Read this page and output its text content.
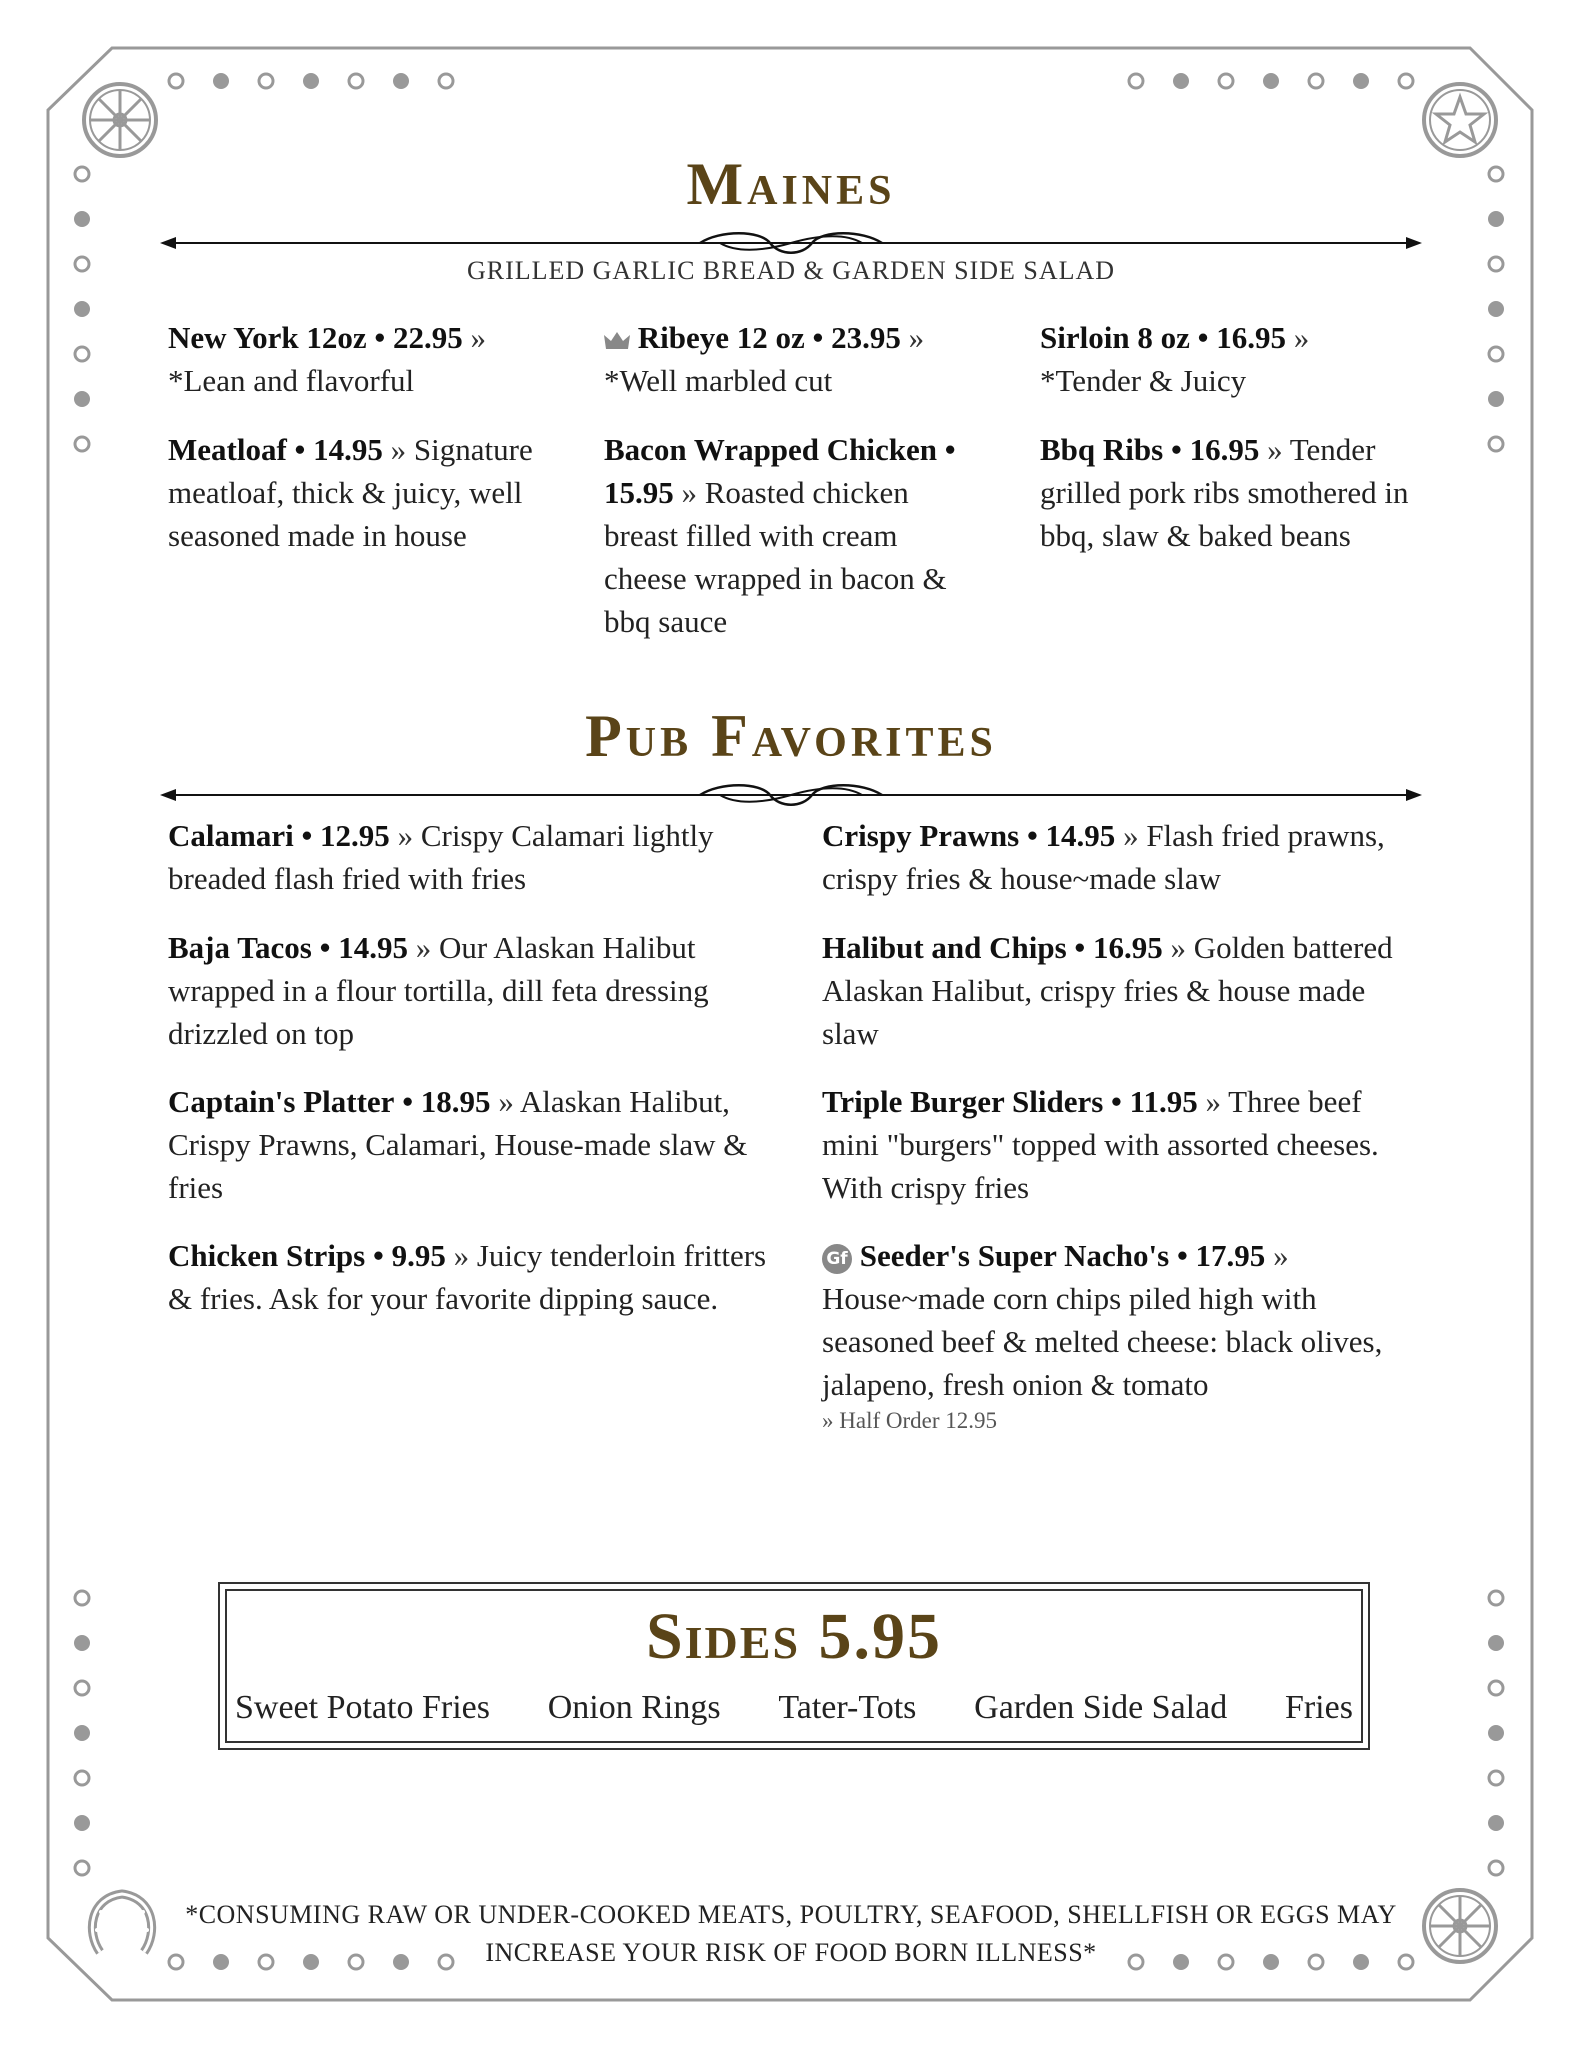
Maines
GRILLED GARLIC BREAD & GARDEN SIDE SALAD
New York 12oz • 22.95 »
*Lean and flavorful
Ribeye 12 oz • 23.95 »
*Well marbled cut
Sirloin 8 oz • 16.95 »
*Tender & Juicy
Meatloaf • 14.95 » Signature meatloaf, thick & juicy, well seasoned made in house
Bacon Wrapped Chicken • 15.95 » Roasted chicken breast filled with cream cheese wrapped in bacon & bbq sauce
Bbq Ribs • 16.95 » Tender grilled pork ribs smothered in bbq, slaw & baked beans
Pub Favorites
Calamari • 12.95 » Crispy Calamari lightly breaded flash fried with fries
Crispy Prawns • 14.95 » Flash fried prawns, crispy fries & house~made slaw
Baja Tacos • 14.95 » Our Alaskan Halibut wrapped in a flour tortilla, dill feta dressing drizzled on top
Halibut and Chips • 16.95 » Golden battered Alaskan Halibut, crispy fries & house made slaw
Captain's Platter • 18.95 » Alaskan Halibut, Crispy Prawns, Calamari, House-made slaw & fries
Triple Burger Sliders • 11.95 » Three beef mini "burgers" topped with assorted cheeses. With crispy fries
Chicken Strips • 9.95 » Juicy tenderloin fritters & fries. Ask for your favorite dipping sauce.
Gf Seeder's Super Nacho's • 17.95 »
House~made corn chips piled high with seasoned beef & melted cheese: black olives, jalapeno, fresh onion & tomato
» Half Order 12.95
Sides 5.95
Sweet Potato Fries Onion Rings Tater-Tots Garden Side Salad Fries
*CONSUMING RAW OR UNDER-COOKED MEATS, POULTRY, SEAFOOD, SHELLFISH OR EGGS MAY
INCREASE YOUR RISK OF FOOD BORN ILLNESS*
